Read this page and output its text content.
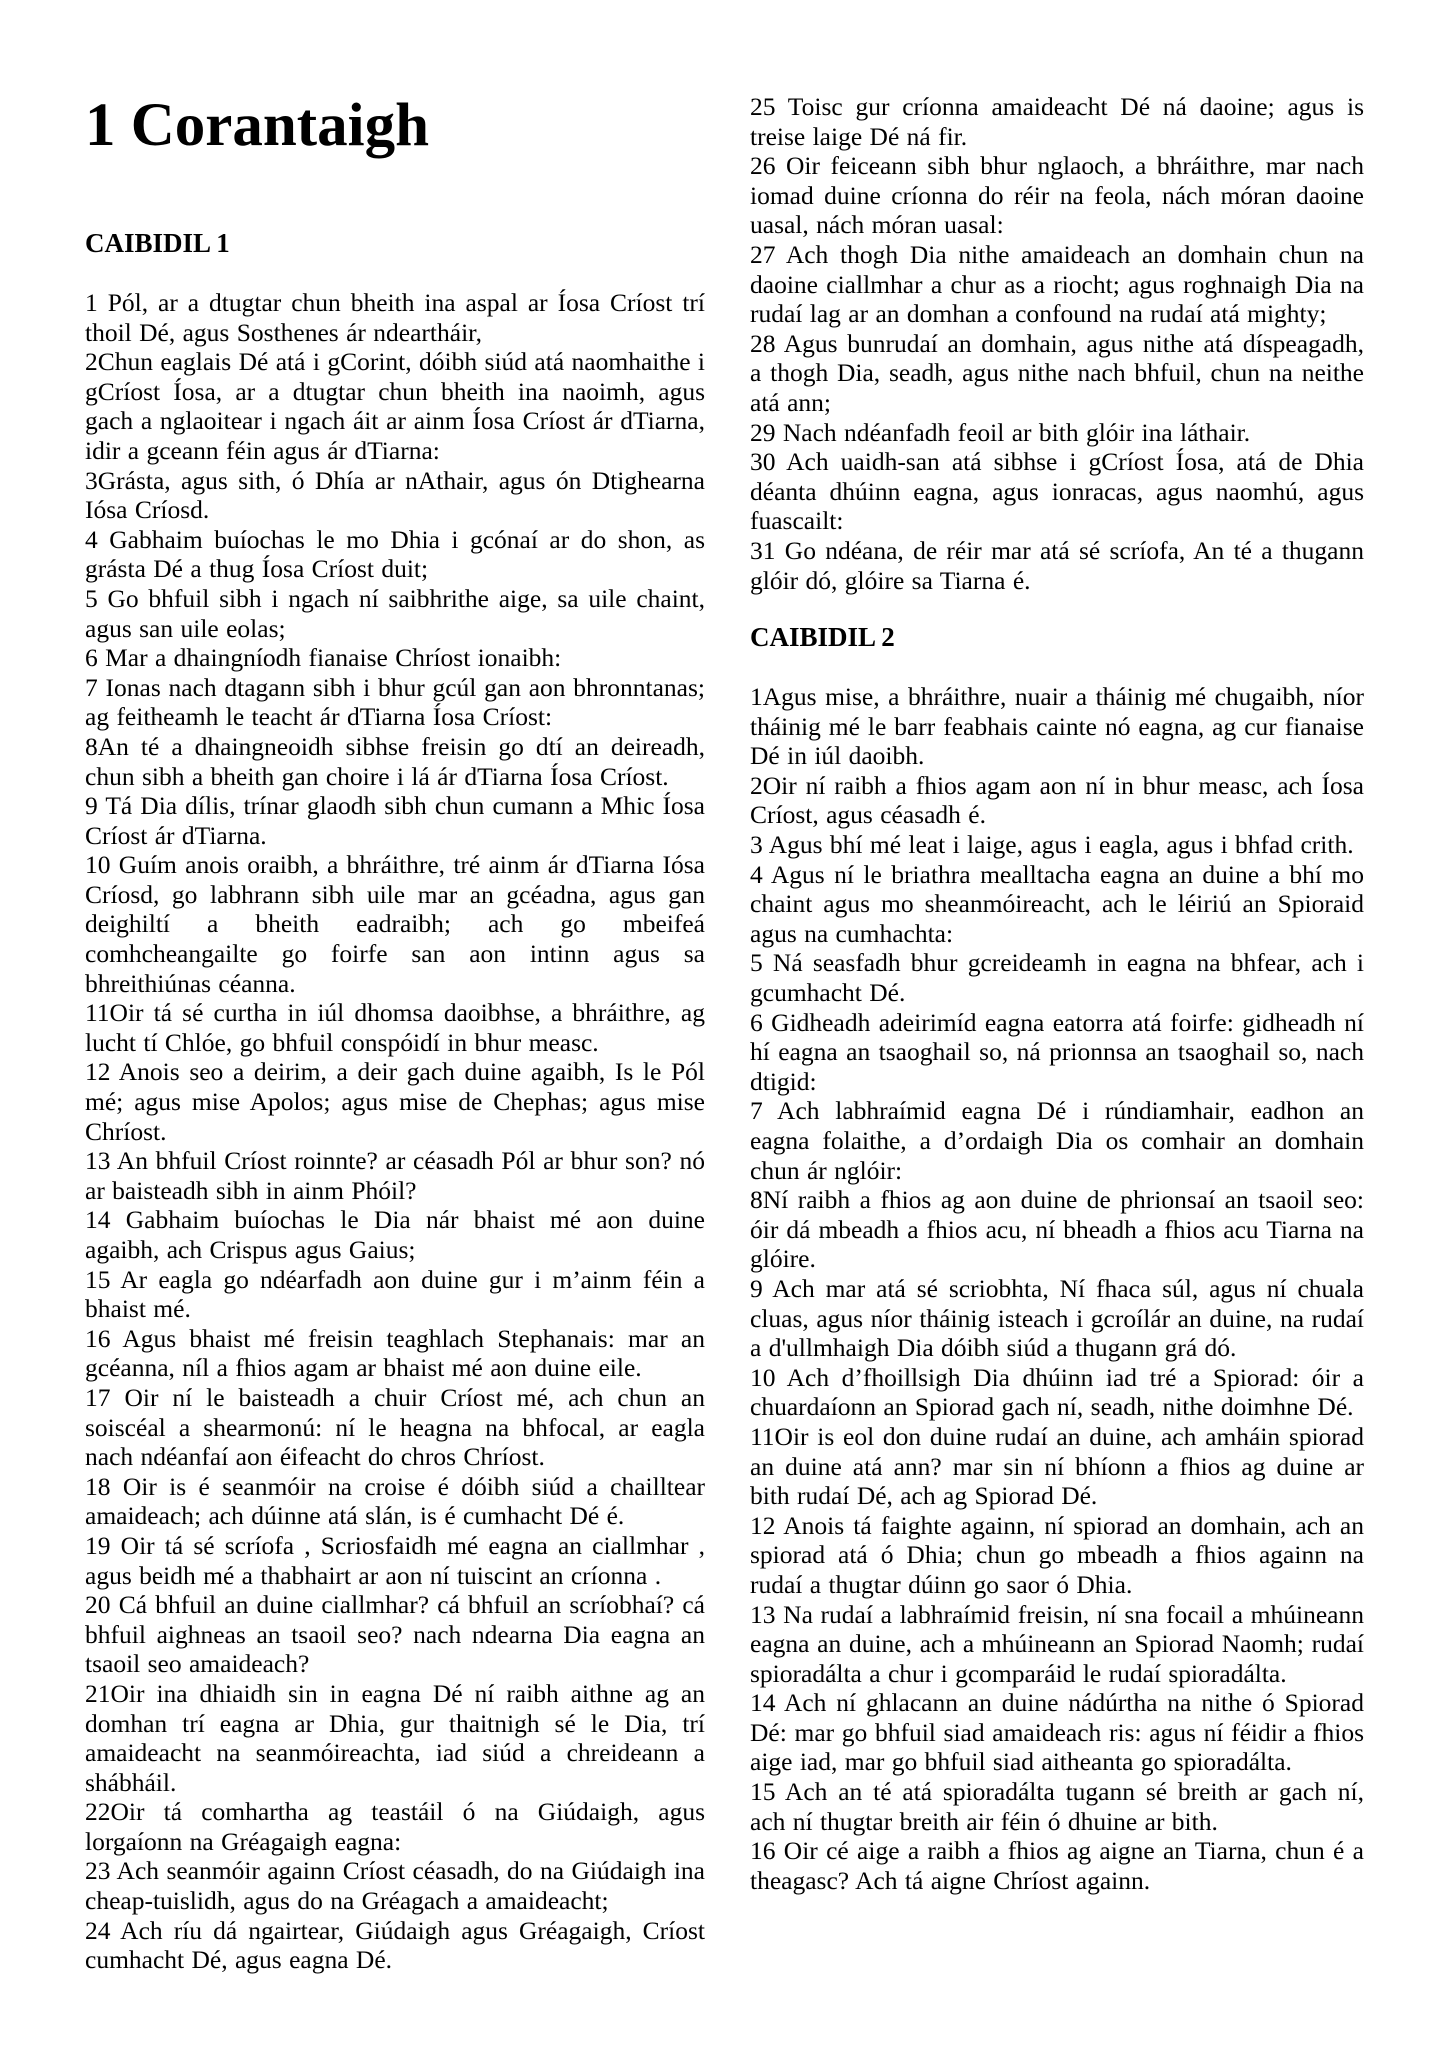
1 Corantaigh
CAIBIDIL 1

1 Pól, ar a dtugtar chun bheith ina aspal ar Íosa Críost trí thoil Dé, agus Sosthenes ár ndeartháir,

2Chun eaglais Dé atá i gCorint, dóibh siúd atá naomhaithe i gCríost Íosa, ar a dtugtar chun bheith ina naoimh, agus gach a nglaoitear i ngach áit ar ainm Íosa Críost ár dTiarna, idir a gceann féin agus ár dTiarna:

3Grásta, agus sith, ó Dhía ar nAthair, agus ón Dtighearna Iósa Críosd.

4 Gabhaim buíochas le mo Dhia i gcónaí ar do shon, as grásta Dé a thug Íosa Críost duit;

5 Go bhfuil sibh i ngach ní saibhrithe aige, sa uile chaint, agus san uile eolas;

6 Mar a dhaingníodh fianaise Chríost ionaibh:

7 Ionas nach dtagann sibh i bhur gcúl gan aon bhronntanas; ag feitheamh le teacht ár dTiarna Íosa Críost:

8An té a dhaingneoidh sibhse freisin go dtí an deireadh, chun sibh a bheith gan choire i lá ár dTiarna Íosa Críost.

9 Tá Dia dílis, trínar glaodh sibh chun cumann a Mhic Íosa Críost ár dTiarna.

10 Guím anois oraibh, a bhráithre, tré ainm ár dTiarna Iósa Críosd, go labhrann sibh uile mar an gcéadna, agus gan deighiltí a bheith eadraibh; ach go mbeifeá comhcheangailte go foirfe san aon intinn agus sa bhreithiúnas céanna.

11Oir tá sé curtha in iúl dhomsa daoibhse, a bhráithre, ag lucht tí Chlóe, go bhfuil conspóidí in bhur measc.

12 Anois seo a deirim, a deir gach duine agaibh, Is le Pól mé; agus mise Apolos; agus mise de Chephas; agus mise Chríost.

13 An bhfuil Críost roinnte? ar céasadh Pól ar bhur son? nó ar baisteadh sibh in ainm Phóil?

14 Gabhaim buíochas le Dia nár bhaist mé aon duine agaibh, ach Crispus agus Gaius;

15 Ar eagla go ndéarfadh aon duine gur i m’ainm féin a bhaist mé.

16 Agus bhaist mé freisin teaghlach Stephanais: mar an gcéanna, níl a fhios agam ar bhaist mé aon duine eile.

17 Oir ní le baisteadh a chuir Críost mé, ach chun an soiscéal a shearmonú: ní le heagna na bhfocal, ar eagla nach ndéanfaí aon éifeacht do chros Chríost.

18 Oir is é seanmóir na croise é dóibh siúd a chailltear amaideach; ach dúinne atá slán, is é cumhacht Dé é.

19 Oir tá sé scríofa , Scriosfaidh mé eagna an ciallmhar , agus beidh mé a thabhairt ar aon ní tuiscint an críonna .

20 Cá bhfuil an duine ciallmhar? cá bhfuil an scríobhaí? cá bhfuil aighneas an tsaoil seo? nach ndearna Dia eagna an tsaoil seo amaideach?

21Oir ina dhiaidh sin in eagna Dé ní raibh aithne ag an domhan trí eagna ar Dhia, gur thaitnigh sé le Dia, trí amaideacht na seanmóireachta, iad siúd a chreideann a shábháil.

22Oir tá comhartha ag teastáil ó na Giúdaigh, agus lorgaíonn na Gréagaigh eagna:

23 Ach seanmóir againn Críost céasadh, do na Giúdaigh ina cheap-tuislidh, agus do na Gréagach a amaideacht;

24 Ach ríu dá ngairtear, Giúdaigh agus Gréagaigh, Críost cumhacht Dé, agus eagna Dé.

25 Toisc gur críonna amaideacht Dé ná daoine; agus is treise laige Dé ná fir.

26 Oir feiceann sibh bhur nglaoch, a bhráithre, mar nach iomad duine críonna do réir na feola, nách móran daoine uasal, nách móran uasal:

27 Ach thogh Dia nithe amaideach an domhain chun na daoine ciallmhar a chur as a riocht; agus roghnaigh Dia na rudaí lag ar an domhan a confound na rudaí atá mighty;

28 Agus bunrudaí an domhain, agus nithe atá díspeagadh, a thogh Dia, seadh, agus nithe nach bhfuil, chun na neithe atá ann;

29 Nach ndéanfadh feoil ar bith glóir ina láthair.

30 Ach uaidh-san atá sibhse i gCríost Íosa, atá de Dhia déanta dhúinn eagna, agus ionracas, agus naomhú, agus fuascailt:

31 Go ndéana, de réir mar atá sé scríofa, An té a thugann glóir dó, glóire sa Tiarna é.

CAIBIDIL 2

1Agus mise, a bhráithre, nuair a tháinig mé chugaibh, níor tháinig mé le barr feabhais cainte nó eagna, ag cur fianaise Dé in iúl daoibh.

2Oir ní raibh a fhios agam aon ní in bhur measc, ach Íosa Críost, agus céasadh é.

3 Agus bhí mé leat i laige, agus i eagla, agus i bhfad crith.

4 Agus ní le briathra mealltacha eagna an duine a bhí mo chaint agus mo sheanmóireacht, ach le léiriú an Spioraid agus na cumhachta:

5 Ná seasfadh bhur gcreideamh in eagna na bhfear, ach i gcumhacht Dé.

6 Gidheadh adeirimíd eagna eatorra atá foirfe: gidheadh ní hí eagna an tsaoghail so, ná prionnsa an tsaoghail so, nach dtigid:

7 Ach labhraímid eagna Dé i rúndiamhair, eadhon an eagna folaithe, a d’ordaigh Dia os comhair an domhain chun ár nglóir:

8Ní raibh a fhios ag aon duine de phrionsaí an tsaoil seo: óir dá mbeadh a fhios acu, ní bheadh a fhios acu Tiarna na glóire.

9 Ach mar atá sé scriobhta, Ní fhaca súl, agus ní chuala cluas, agus níor tháinig isteach i gcroílár an duine, na rudaí a d'ullmhaigh Dia dóibh siúd a thugann grá dó.

10 Ach d’fhoillsigh Dia dhúinn iad tré a Spiorad: óir a chuardaíonn an Spiorad gach ní, seadh, nithe doimhne Dé.

11Oir is eol don duine rudaí an duine, ach amháin spiorad an duine atá ann? mar sin ní bhíonn a fhios ag duine ar bith rudaí Dé, ach ag Spiorad Dé.

12 Anois tá faighte againn, ní spiorad an domhain, ach an spiorad atá ó Dhia; chun go mbeadh a fhios againn na rudaí a thugtar dúinn go saor ó Dhia.

13 Na rudaí a labhraímid freisin, ní sna focail a mhúineann eagna an duine, ach a mhúineann an Spiorad Naomh; rudaí spioradálta a chur i gcomparáid le rudaí spioradálta.

14 Ach ní ghlacann an duine nádúrtha na nithe ó Spiorad Dé: mar go bhfuil siad amaideach ris: agus ní féidir a fhios aige iad, mar go bhfuil siad aitheanta go spioradálta.

15 Ach an té atá spioradálta tugann sé breith ar gach ní, ach ní thugtar breith air féin ó dhuine ar bith.

16 Oir cé aige a raibh a fhios ag aigne an Tiarna, chun é a theagasc? Ach tá aigne Chríost againn.
